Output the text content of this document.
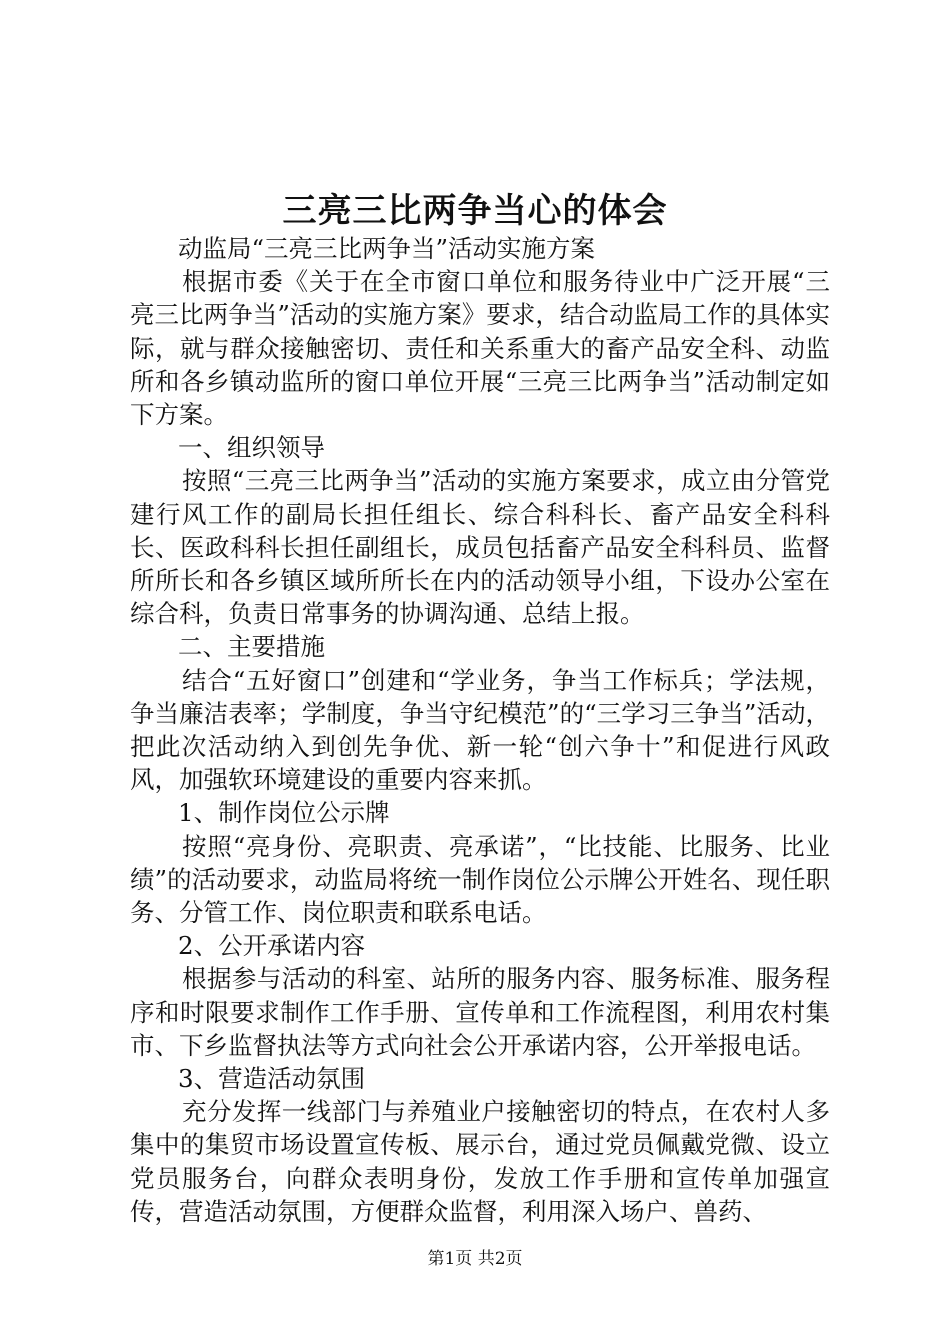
三亮三比两争当心的体会

动监局“三亮三比两争当”活动实施方案

根据市委《关于在全市窗口单位和服务待业中广泛开展“三亮三比两争当”活动的实施方案》要求，结合动监局工作的具体实际，就与群众接触密切、责任和关系重大的畜产品安全科、动监所和各乡镇动监所的窗口单位开展“三亮三比两争当”活动制定如下方案。

一、组织领导

按照“三亮三比两争当”活动的实施方案要求，成立由分管党建行风工作的副局长担任组长、综合科科长、畜产品安全科科长、医政科科长担任副组长，成员包括畜产品安全科科员、监督所所长和各乡镇区域所所长在内的活动领导小组，下设办公室在综合科，负责日常事务的协调沟通、总结上报。

二、主要措施

结合“五好窗口”创建和“学业务，争当工作标兵；学法规，争当廉洁表率；学制度，争当守纪模范”的“三学习三争当”活动，把此次活动纳入到创先争优、新一轮“创六争十”和促进行风政风，加强软环境建设的重要内容来抓。

1、制作岗位公示牌

按照“亮身份、亮职责、亮承诺”，“比技能、比服务、比业绩”的活动要求，动监局将统一制作岗位公示牌公开姓名、现任职务、分管工作、岗位职责和联系电话。

2、公开承诺内容

根据参与活动的科室、站所的服务内容、服务标准、服务程序和时限要求制作工作手册、宣传单和工作流程图，利用农村集市、下乡监督执法等方式向社会公开承诺内容，公开举报电话。

3、营造活动氛围

充分发挥一线部门与养殖业户接触密切的特点，在农村人多集中的集贸市场设置宣传板、展示台，通过党员佩戴党微、设立党员服务台，向群众表明身份，发放工作手册和宣传单加强宣传，营造活动氛围，方便群众监督，利用深入场户、兽药、

第1页 共2页
